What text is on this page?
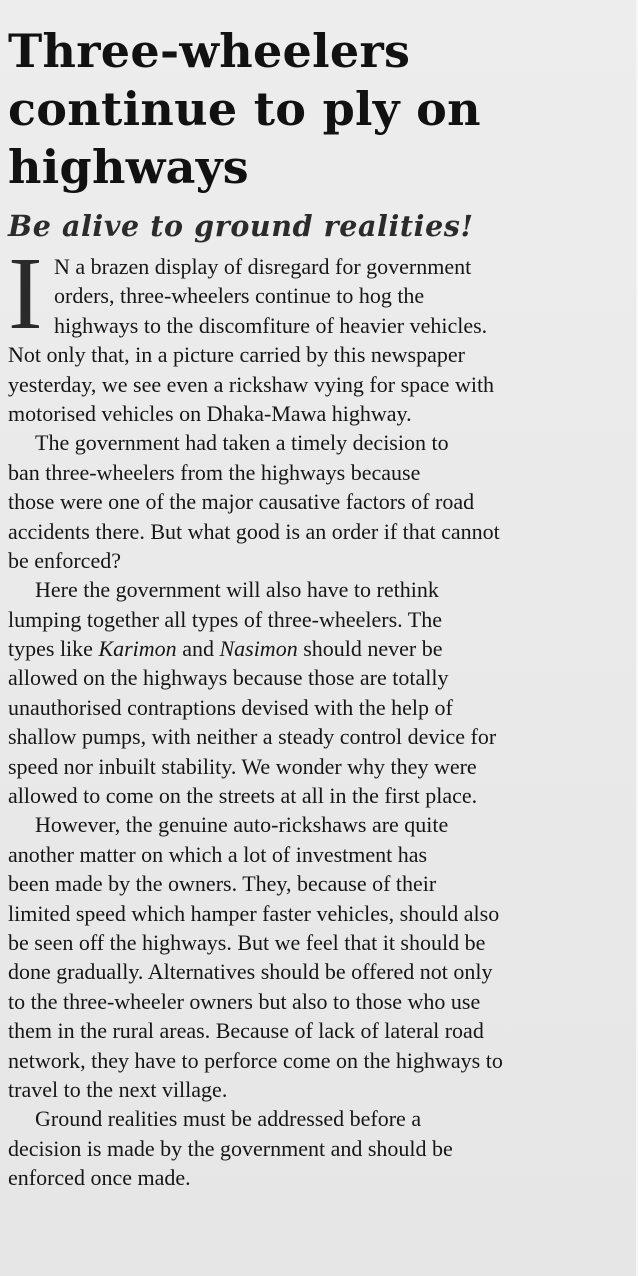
Three-wheelers
continue to ply on
highways
Be alive to ground realities!
I N a brazen display of disregard for government
orders, three-wheelers continue to hog the
highways to the discomfiture of heavier vehicles.
Not only that, in a picture carried by this newspaper
yesterday, we see even a rickshaw vying for space with
motorised vehicles on Dhaka-Mawa highway.
The government had taken a timely decision to
ban three-wheelers from the highways because
those were one of the major causative factors of road
accidents there. But what good is an order if that cannot
be enforced?
Here the government will also have to rethink
lumping together all types of three-wheelers. The
types like Karimon and Nasimon should never be
allowed on the highways because those are totally
unauthorised contraptions devised with the help of
shallow pumps, with neither a steady control device for
speed nor inbuilt stability. We wonder why they were
allowed to come on the streets at all in the first place.
However, the genuine auto-rickshaws are quite
another matter on which a lot of investment has
been made by the owners. They, because of their
limited speed which hamper faster vehicles, should also
be seen off the highways. But we feel that it should be
done gradually. Alternatives should be offered not only
to the three-wheeler owners but also to those who use
them in the rural areas. Because of lack of lateral road
network, they have to perforce come on the highways to
travel to the next village.
Ground realities must be addressed before a
decision is made by the government and should be
enforced once made.
